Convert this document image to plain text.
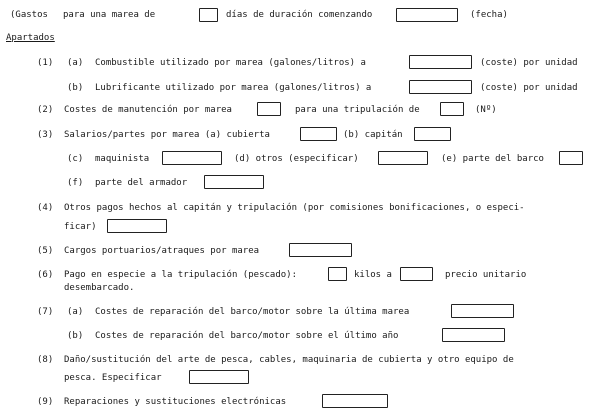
(Gastos para una marea de	días de duración comenzando	(fecha)
Apartados
(1) (a) Combustible utilizado por marea (galones/litros) a	(coste) por unidad
(b) Lubrificante utilizado por marea (galones/litros) a	(coste) por unidad
(2) Costes de manutención por marea	para una tripulación de	(Nº)
(3) Salarios/partes por marea (a) cubierta	(b) capitán
(c) maquinista	(d) otros (especificar)	(e) parte del barco
(f) parte del armador
(4) Otros pagos hechos al capitán y tripulación (por comisiones bonificaciones, o especi-
ficar)
(5) Cargos portuarios/atraques por marea
(6) Pago en especie a la tripulación (pescado):	kilos a	precio unitario
desembarcado.
(7) (a) Costes de reparación del barco/motor sobre la última marea
(b) Costes de reparación del barco/motor sobre el último año
(8) Daño/sustitución del arte de pesca, cables, maquinaria de cubierta y otro equipo de
pesca. Especificar
(9) Reparaciones y sustituciones electrónicas
